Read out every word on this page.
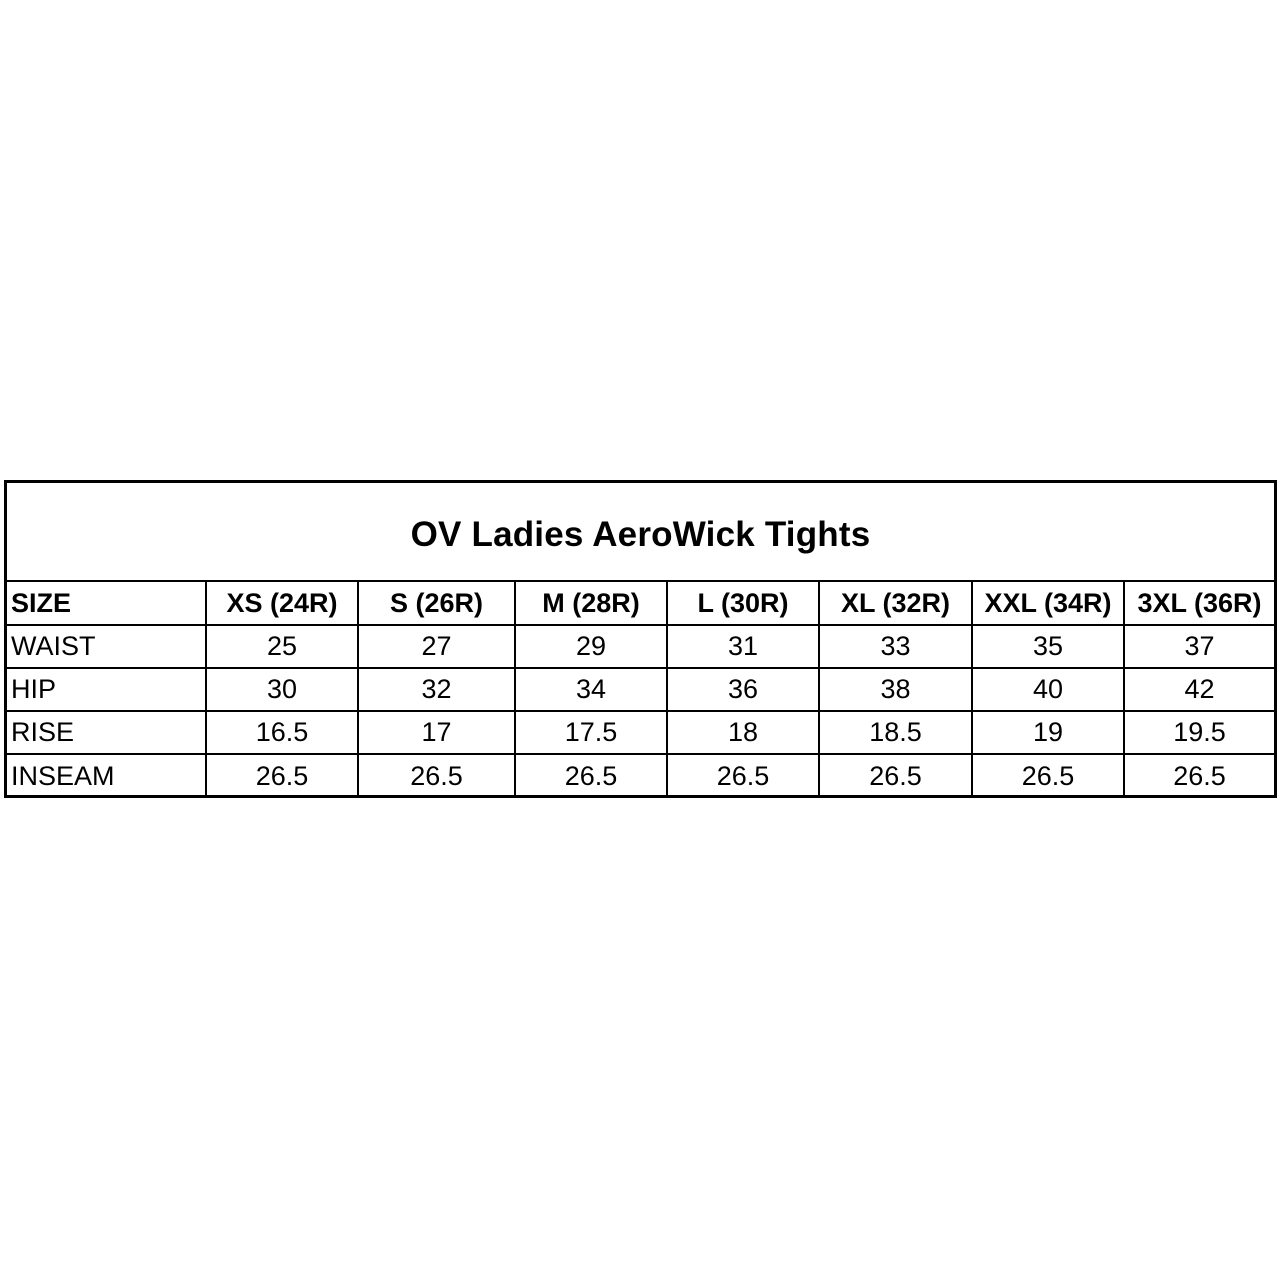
OV Ladies AeroWick Tights
SIZE	XS (24R)	S (26R)	M (28R)	L (30R)	XL (32R)	XXL (34R)	3XL (36R)
WAIST	25	27	29	31	33	35	37
HIP	30	32	34	36	38	40	42
RISE	16.5	17	17.5	18	18.5	19	19.5
INSEAM	26.5	26.5	26.5	26.5	26.5	26.5	26.5
